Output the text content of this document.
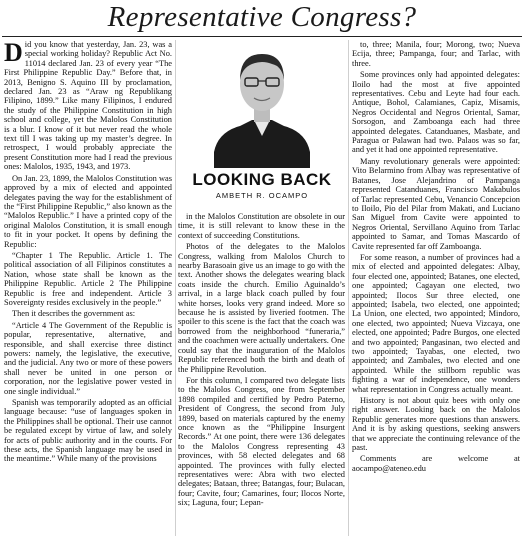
Representative Congress?

Did you know that yesterday, Jan. 23, was a special working holiday? Republic Act No. 11014 declared Jan. 23 of every year “The First Philippine Republic Day.” Before that, in 2013, Benigno S. Aquino III by proclamation, declared Jan. 23 as “Araw ng Republikang Filipino, 1899.” Like many Filipinos, I endured the study of the Philippine Constitution in high school and college, yet the Malolos Constitution is a blur. I know of it but never read the whole text till I was taking up my master’s degree. In retrospect, I would probably appreciate the present Constitution more had I read the previous ones: Malolos, 1935, 1943, and 1973.

On Jan. 23, 1899, the Malolos Constitution was approved by a mix of elected and appointed delegates paving the way for the establishment of the “First Philippine Republic,” also known as the “Malolos Republic.” I have a printed copy of the original Malolos Constitution, it is small enough to fit in your pocket. It opens by defining the Republic:

“Chapter 1 The Republic. Article 1. The political association of all Filipinos constitutes a Nation, whose state shall be known as the Philippine Republic. Article 2 The Philippine Republic is free and independent. Article 3 Sovereignty resides exclusively in the people.”

Then it describes the government as:

“Article 4 The Government of the Republic is popular, representative, alternative, and responsible, and shall exercise three distinct powers: namely, the legislative, the executive, and the judicial. Any two or more of these powers shall never be united in one person or corporation, nor the legislative power vested in one single individual.”

Spanish was temporarily adopted as an official language because: “use of languages spoken in the Philippines shall be optional. Their use cannot be regulated except by virtue of law, and solely for acts of public authority and in the courts. For these acts, the Spanish language may be used in the meantime.” While many of the provisions

LOOKING BACK
AMBETH R. OCAMPO

in the Malolos Constitution are obsolete in our time, it is still relevant to know these in the context of succeeding Constitutions.

Photos of the delegates to the Malolos Congress, walking from Malolos Church to nearby Barasoain give us an image to go with the text. Another shows the delegates wearing black coats inside the church. Emilio Aguinaldo’s arrival, in a large black coach pulled by four white horses, looks very grand indeed. More so because he is assisted by liveried footmen. The spoiler to this scene is the fact that the coach was borrowed from the neighborhood “funeraria,” and the coachmen were actually undertakers. One could say that the inauguration of the Malolos Republic referenced both the birth and death of the Philippine Revolution.

For this column, I compared two delegate lists to the Malolos Congress, one from September 1898 compiled and certified by Pedro Paterno, President of Congress, the second from July 1899, based on materials captured by the enemy once known as the “Philippine Insurgent Records.” At one point, there were 136 delegates to the Malolos Congress representing 43 provinces, with 58 elected delegates and 68 appointed. The provinces with fully elected representatives were: Abra with two elected delegates; Bataan, three; Batangas, four; Bulacan, four; Cavite, four; Camarines, four; Ilocos Norte, six; Laguna, four; Lepan-

to, three; Manila, four; Morong, two; Nueva Ecija, three; Pampanga, four; and Tarlac, with three.

Some provinces only had appointed delegates: Iloilo had the most at five appointed representatives. Cebu and Leyte had four each. Antique, Bohol, Calamianes, Capiz, Misamis, Negros Occidental and Negros Oriental, Samar, Sorsogon, and Zamboanga each had three appointed delegates. Catanduanes, Masbate, and Paragua or Palawan had two. Palaos was so far, and yet it had one appointed representative.

Many revolutionary generals were appointed: Vito Belarmino from Albay was representative of Batanes, Jose Alejandrino of Pampanga represented Catanduanes, Francisco Makabulos of Tarlac represented Cebu, Venancio Concepcion to Iloilo, Pio del Pilar from Makati, and Luciano San Miguel from Cavite were appointed to Negros Oriental, Servillano Aquino from Tarlac appointed to Samar, and Tomas Mascardo of Cavite represented far off Zamboanga.

For some reason, a number of provinces had a mix of elected and appointed delegates: Albay, four elected one, appointed; Batanes, one elected, one appointed; Cagayan one elected, two appointed; Ilocos Sur three elected, one appointed; Isabela, two elected, one appointed; La Union, one elected, two appointed; Mindoro, one elected, two appointed; Nueva Vizcaya, one elected, one appointed; Padre Burgos, one elected and two appointed; Pangasinan, two elected and two appointed; Tayabas, one elected, two appointed; and Zambales, two elected and one appointed. While the stillborn republic was fighting a war of independence, one wonders what representation in Congress actually meant.

History is not about quiz bees with only one right answer. Looking back on the Malolos Republic generates more questions than answers. And it is by asking questions, seeking answers that we appreciate the continuing relevance of the past.

Comments are welcome at aocampo@ateneo.edu
